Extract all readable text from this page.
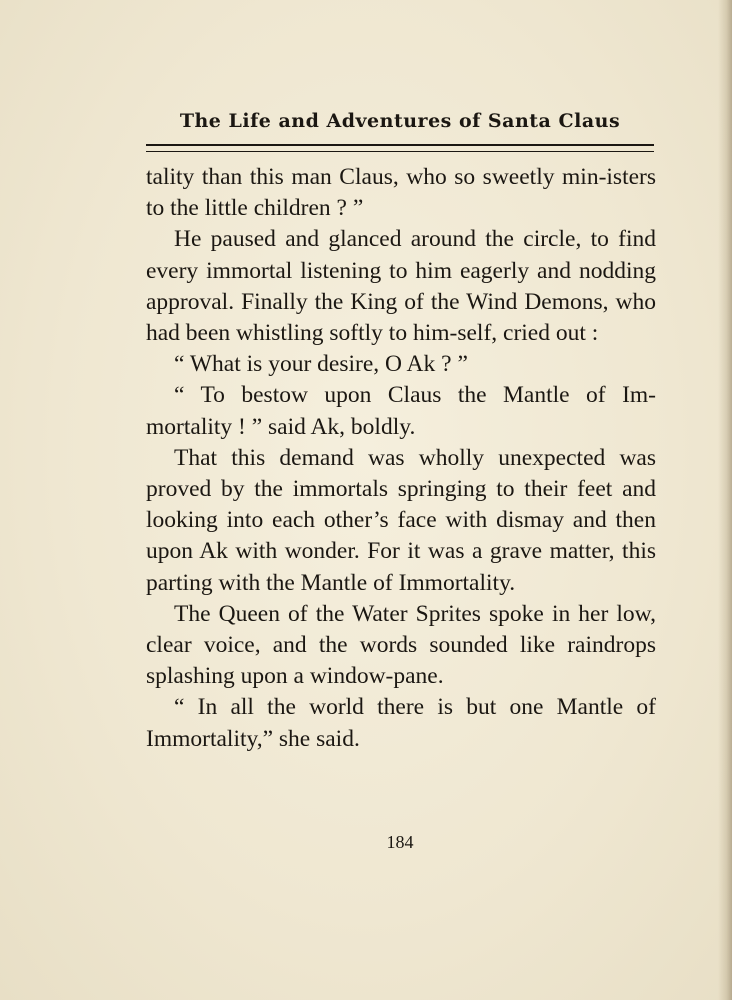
The Life and Adventures of Santa Claus

tality than this man Claus, who so sweetly min-isters to the little children ? ”

He paused and glanced around the circle, to find every immortal listening to him eagerly and nodding approval. Finally the King of the Wind Demons, who had been whistling softly to him-self, cried out :

“ What is your desire, O Ak ? ”

“ To bestow upon Claus the Mantle of Im-mortality ! ” said Ak, boldly.

That this demand was wholly unexpected was proved by the immortals springing to their feet and looking into each other’s face with dismay and then upon Ak with wonder. For it was a grave matter, this parting with the Mantle of Immortality.

The Queen of the Water Sprites spoke in her low, clear voice, and the words sounded like raindrops splashing upon a window-pane.

“ In all the world there is but one Mantle of Immortality,” she said.

184
